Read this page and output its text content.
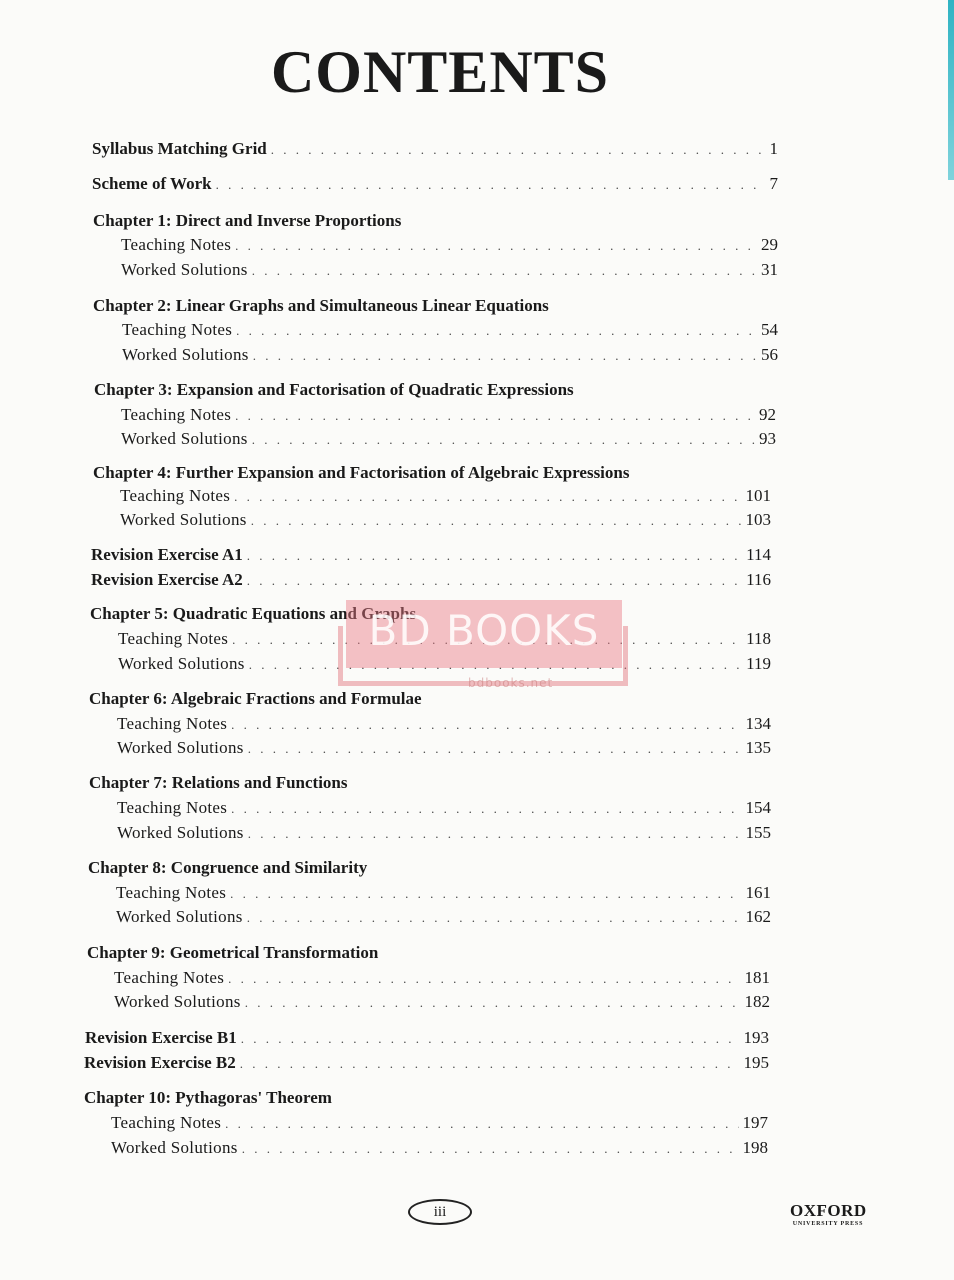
CONTENTS
Syllabus Matching Grid . . .	1
Scheme of Work . . .	7
Chapter 1: Direct and Inverse Proportions
Teaching Notes . . .	29
Worked Solutions . . .	31
Chapter 2: Linear Graphs and Simultaneous Linear Equations
Teaching Notes . . .	54
Worked Solutions . . .	56
Chapter 3: Expansion and Factorisation of Quadratic Expressions
Teaching Notes . . .	92
Worked Solutions . . .	93
Chapter 4: Further Expansion and Factorisation of Algebraic Expressions
Teaching Notes . . .	101
Worked Solutions . . .	103
Revision Exercise A1 . . .	114
Revision Exercise A2 . . .	116
Chapter 5: Quadratic Equations and Graphs
Teaching Notes . . .	118
Worked Solutions . . .	119
Chapter 6: Algebraic Fractions and Formulae
Teaching Notes . . .	134
Worked Solutions . . .	135
Chapter 7: Relations and Functions
Teaching Notes . . .	154
Worked Solutions . . .	155
Chapter 8: Congruence and Similarity
Teaching Notes . . .	161
Worked Solutions . . .	162
Chapter 9: Geometrical Transformation
Teaching Notes . . .	181
Worked Solutions . . .	182
Revision Exercise B1 . . .	193
Revision Exercise B2 . . .	195
Chapter 10: Pythagoras' Theorem
Teaching Notes . . .	197
Worked Solutions . . .	198
BD BOOKS
bdbooks.net
iii	OXFORD
UNIVERSITY PRESS
